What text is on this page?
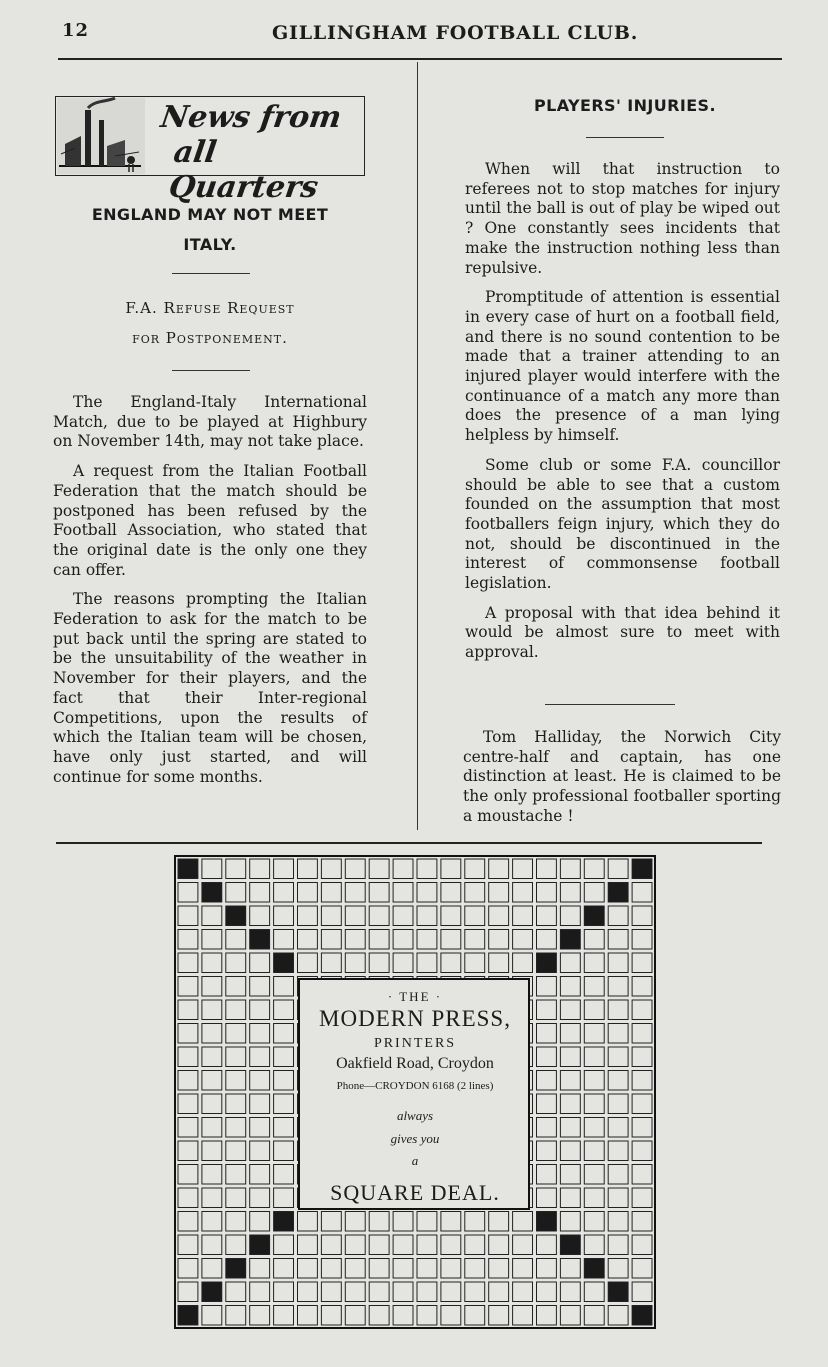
12	GILLINGHAM FOOTBALL CLUB.
News from
all Quarters
ENGLAND MAY NOT MEET
ITALY.
F.A. Refuse Request
for Postponement.

The England-Italy International Match, due to be played at Highbury on November 14th, may not take place.

A request from the Italian Football Federation that the match should be postponed has been refused by the Football Association, who stated that the original date is the only one they can offer.

The reasons prompting the Italian Federation to ask for the match to be put back until the spring are stated to be the unsuitability of the weather in November for their players, and the fact that their Inter-regional Competitions, upon the results of which the Italian team will be chosen, have only just started, and will continue for some months.

PLAYERS' INJURIES.

When will that instruction to referees not to stop matches for injury until the ball is out of play be wiped out ? One constantly sees incidents that make the instruction nothing less than repulsive.

Promptitude of attention is essential in every case of hurt on a football field, and there is no sound contention to be made that a trainer attending to an injured player would interfere with the continuance of a match any more than does the presence of a man lying helpless by himself.

Some club or some F.A. councillor should be able to see that a custom founded on the assumption that most footballers feign injury, which they do not, should be discontinued in the interest of commonsense football legislation.

A proposal with that idea behind it would be almost sure to meet with approval.

Tom Halliday, the Norwich City centre-half and captain, has one distinction at least. He is claimed to be the only professional footballer sporting a moustache !

· THE ·
MODERN PRESS,
PRINTERS
Oakfield Road, Croydon
Phone—CROYDON 6168 (2 lines)
always
gives you
a
SQUARE DEAL.
